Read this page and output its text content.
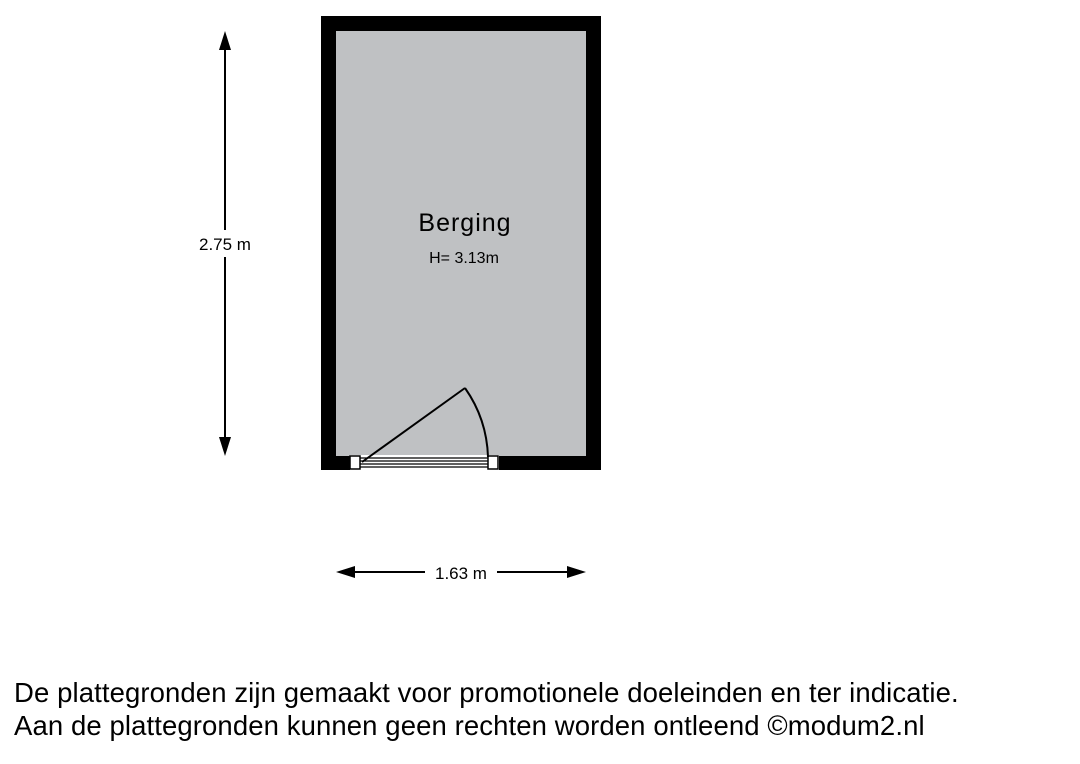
Berging
H= 3.13m
2.75 m
1.63 m
De plattegronden zijn gemaakt voor promotionele doeleinden en ter indicatie.
Aan de plattegronden kunnen geen rechten worden ontleend ©modum2.nl
